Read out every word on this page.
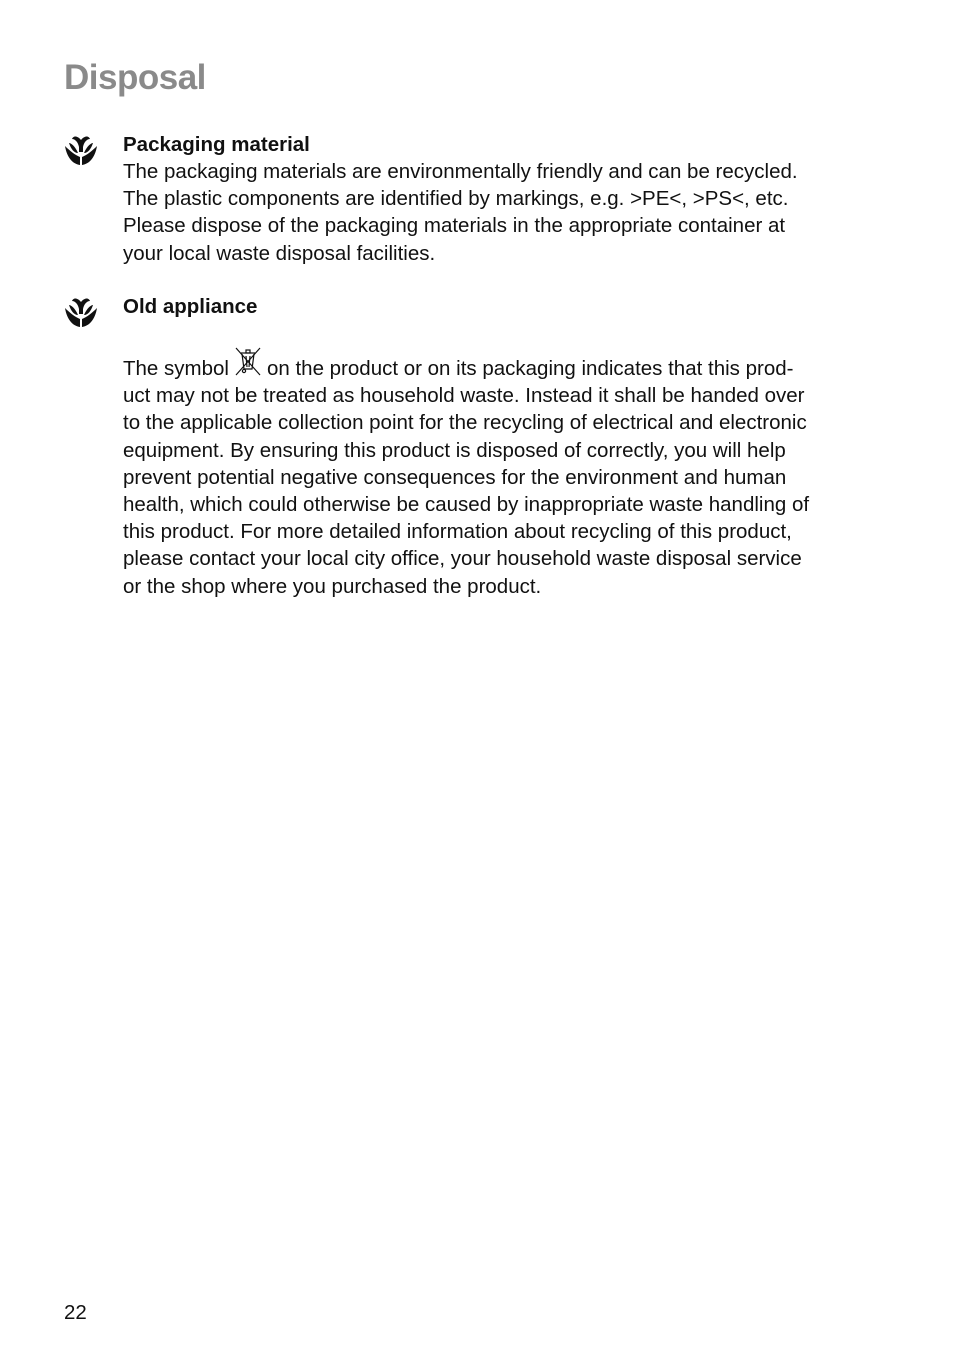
Disposal
Packaging material
The packaging materials are environmentally friendly and can be recycled.
The plastic components are identified by markings, e.g. >PE<, >PS<, etc.
Please dispose of the packaging materials in the appropriate container at
your local waste disposal facilities.
Old appliance
The symbol on the product or on its packaging indicates that this prod-
uct may not be treated as household waste. Instead it shall be handed over
to the applicable collection point for the recycling of electrical and electronic
equipment. By ensuring this product is disposed of correctly, you will help
prevent potential negative consequences for the environment and human
health, which could otherwise be caused by inappropriate waste handling of
this product. For more detailed information about recycling of this product,
please contact your local city office, your household waste disposal service
or the shop where you purchased the product.
22
